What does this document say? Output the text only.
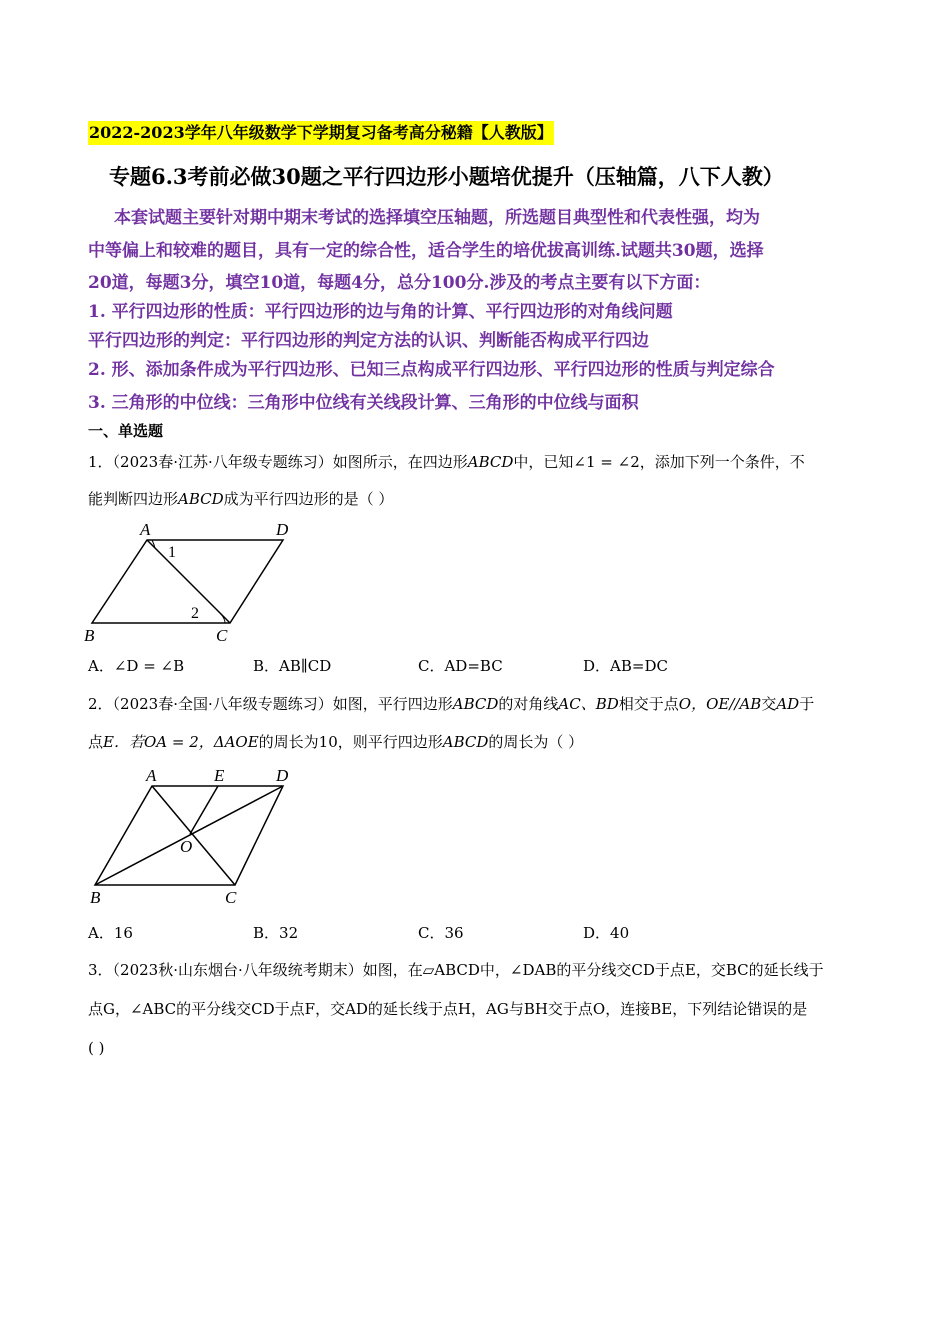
2022-2023学年八年级数学下学期复习备考高分秘籍【人教版】
专题6.3考前必做30题之平行四边形小题培优提升（压轴篇，八下人教）
本套试题主要针对期中期末考试的选择填空压轴题，所选题目典型性和代表性强，均为
中等偏上和较难的题目，具有一定的综合性，适合学生的培优拔高训练.试题共30题，选择
20道，每题3分，填空10道，每题4分，总分100分.涉及的考点主要有以下方面：
1. 平行四边形的性质：平行四边形的边与角的计算、平行四边形的对角线问题
平行四边形的判定：平行四边形的判定方法的认识、判断能否构成平行四边
2. 形、添加条件成为平行四边形、已知三点构成平行四边形、平行四边形的性质与判定综合
3. 三角形的中位线：三角形中位线有关线段计算、三角形的中位线与面积
一、单选题
1．（2023春·江苏·八年级专题练习）如图所示，在四边形ABCD中，已知∠1 = ∠2，添加下列一个条件，不
能判断四边形ABCD成为平行四边形的是（ ）
A	D
B	C
1
2
A．∠D = ∠B	B．AB∥CD	C．AD=BC	D．AB=DC
2．（2023春·全国·八年级专题练习）如图，平行四边形ABCD的对角线AC、BD相交于点O，OE//AB交AD于
点E．若OA = 2，ΔAOE的周长为10，则平行四边形ABCD的周长为（ ）
A	E	D
O
B	C
A．16	B．32	C．36	D．40
3．（2023秋·山东烟台·八年级统考期末）如图，在▱ABCD中，∠DAB的平分线交CD于点E，交BC的延长线于
点G，∠ABC的平分线交CD于点F，交AD的延长线于点H，AG与BH交于点O，连接BE，下列结论错误的是
( )
